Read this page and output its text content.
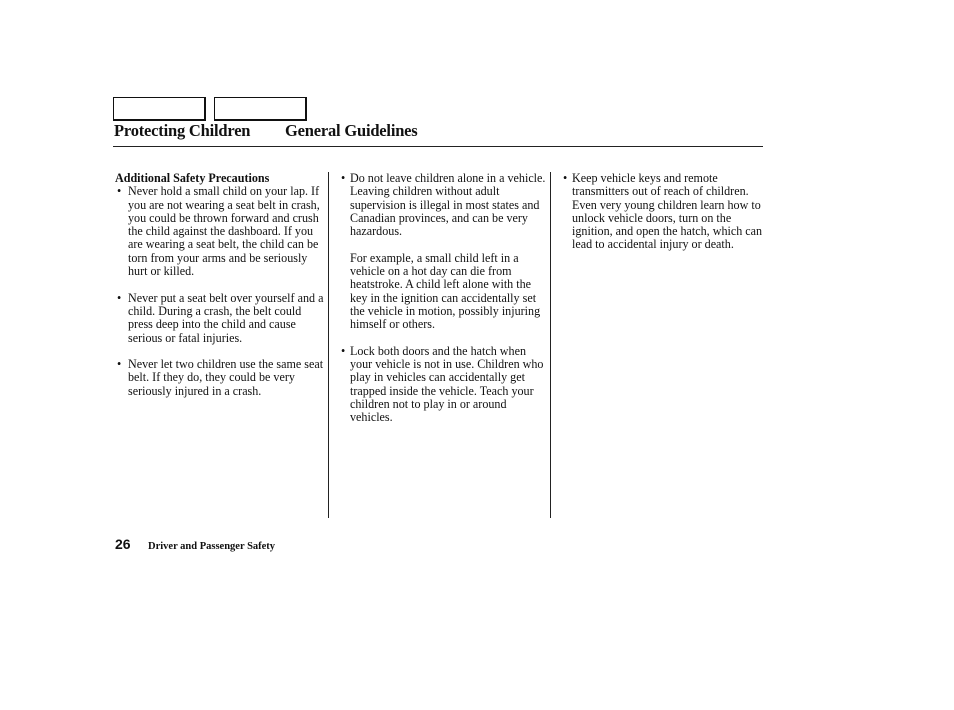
Protecting Children General Guidelines

Additional Safety Precautions

• Never hold a small child on your lap. If you are not wearing a seat belt in crash, you could be thrown forward and crush the child against the dashboard. If you are wearing a seat belt, the child can be torn from your arms and be seriously hurt or killed.
• Never put a seat belt over yourself and a child. During a crash, the belt could press deep into the child and cause serious or fatal injuries.
• Never let two children use the same seat belt. If they do, they could be very seriously injured in a crash.
• Do not leave children alone in a vehicle. Leaving children without adult supervision is illegal in most states and Canadian provinces, and can be very hazardous.

For example, a small child left in a vehicle on a hot day can die from heatstroke. A child left alone with the key in the ignition can accidentally set the vehicle in motion, possibly injuring himself or others.

• Lock both doors and the hatch when your vehicle is not in use. Children who play in vehicles can accidentally get trapped inside the vehicle. Teach your children not to play in or around vehicles.
• Keep vehicle keys and remote transmitters out of reach of children. Even very young children learn how to unlock vehicle doors, turn on the ignition, and open the hatch, which can lead to accidental injury or death.
26 Driver and Passenger Safety
